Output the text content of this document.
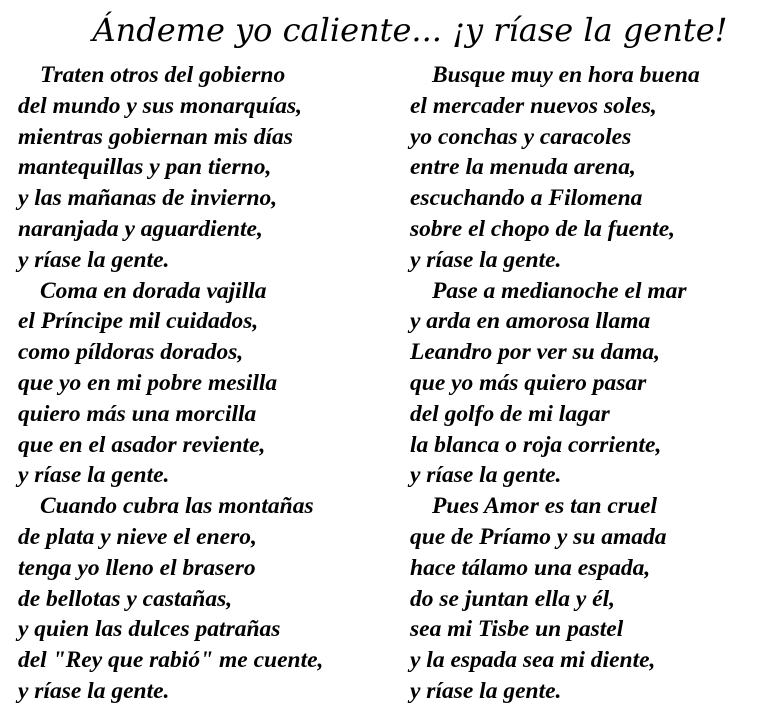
Ándeme yo caliente... ¡y ríase la gente!
Traten otros del gobierno
del mundo y sus monarquías,
mientras gobiernan mis días
mantequillas y pan tierno,
y las mañanas de invierno,
naranjada y aguardiente,
y ríase la gente.
Coma en dorada vajilla
el Príncipe mil cuidados,
como píldoras dorados,
que yo en mi pobre mesilla
quiero más una morcilla
que en el asador reviente,
y ríase la gente.
Cuando cubra las montañas
de plata y nieve el enero,
tenga yo lleno el brasero
de bellotas y castañas,
y quien las dulces patrañas
del "Rey que rabió" me cuente,
y ríase la gente.
Busque muy en hora buena
el mercader nuevos soles,
yo conchas y caracoles
entre la menuda arena,
escuchando a Filomena
sobre el chopo de la fuente,
y ríase la gente.
Pase a medianoche el mar
y arda en amorosa llama
Leandro por ver su dama,
que yo más quiero pasar
del golfo de mi lagar
la blanca o roja corriente,
y ríase la gente.
Pues Amor es tan cruel
que de Príamo y su amada
hace tálamo una espada,
do se juntan ella y él,
sea mi Tisbe un pastel
y la espada sea mi diente,
y ríase la gente.
